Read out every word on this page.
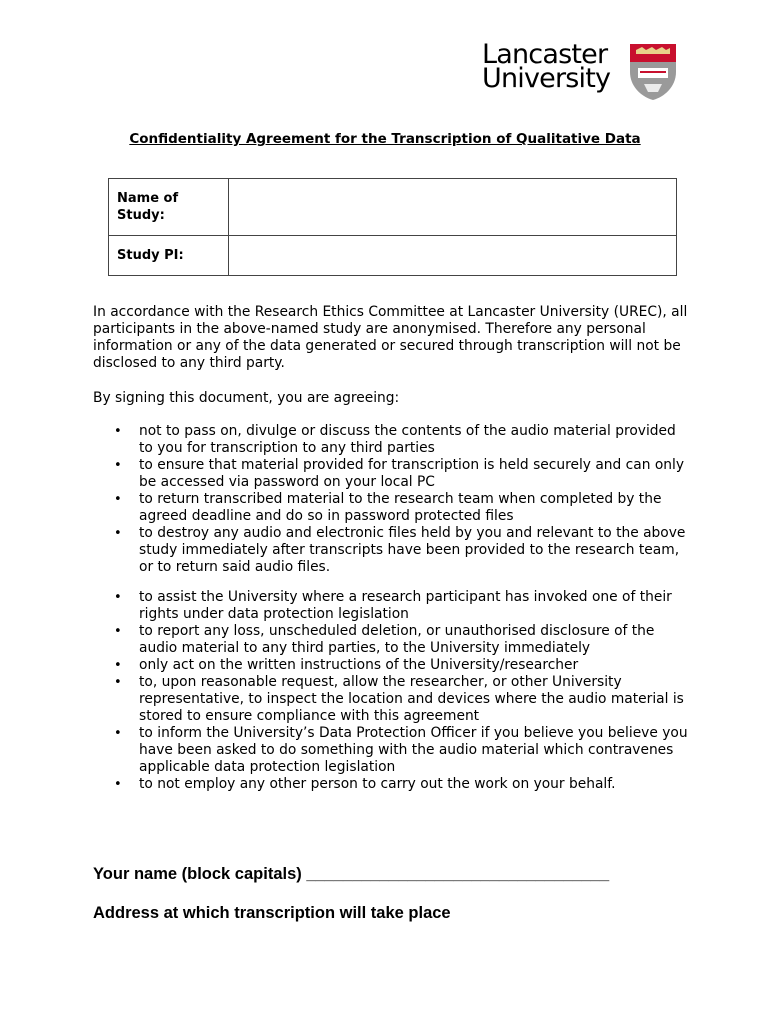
Lancaster
University
Confidentiality Agreement for the Transcription of Qualitative Data
Name of Study:	
Study PI:	

In accordance with the Research Ethics Committee at Lancaster University (UREC), all participants in the above-named study are anonymised. Therefore any personal information or any of the data generated or secured through transcription will not be disclosed to any third party.

By signing this document, you are agreeing:

• not to pass on, divulge or discuss the contents of the audio material provided to you for transcription to any third parties
• to ensure that material provided for transcription is held securely and can only be accessed via password on your local PC
• to return transcribed material to the research team when completed by the agreed deadline and do so in password protected files
• to destroy any audio and electronic files held by you and relevant to the above study immediately after transcripts have been provided to the research team, or to return said audio files.
• to assist the University where a research participant has invoked one of their rights under data protection legislation
• to report any loss, unscheduled deletion, or unauthorised disclosure of the audio material to any third parties, to the University immediately
• only act on the written instructions of the University/researcher
• to, upon reasonable request, allow the researcher, or other University representative, to inspect the location and devices where the audio material is stored to ensure compliance with this agreement
• to inform the University’s Data Protection Officer if you believe you believe you have been asked to do something with the audio material which contravenes applicable data protection legislation
• to not employ any other person to carry out the work on your behalf.
Your name (block capitals) _________________________________
Address at which transcription will take place
